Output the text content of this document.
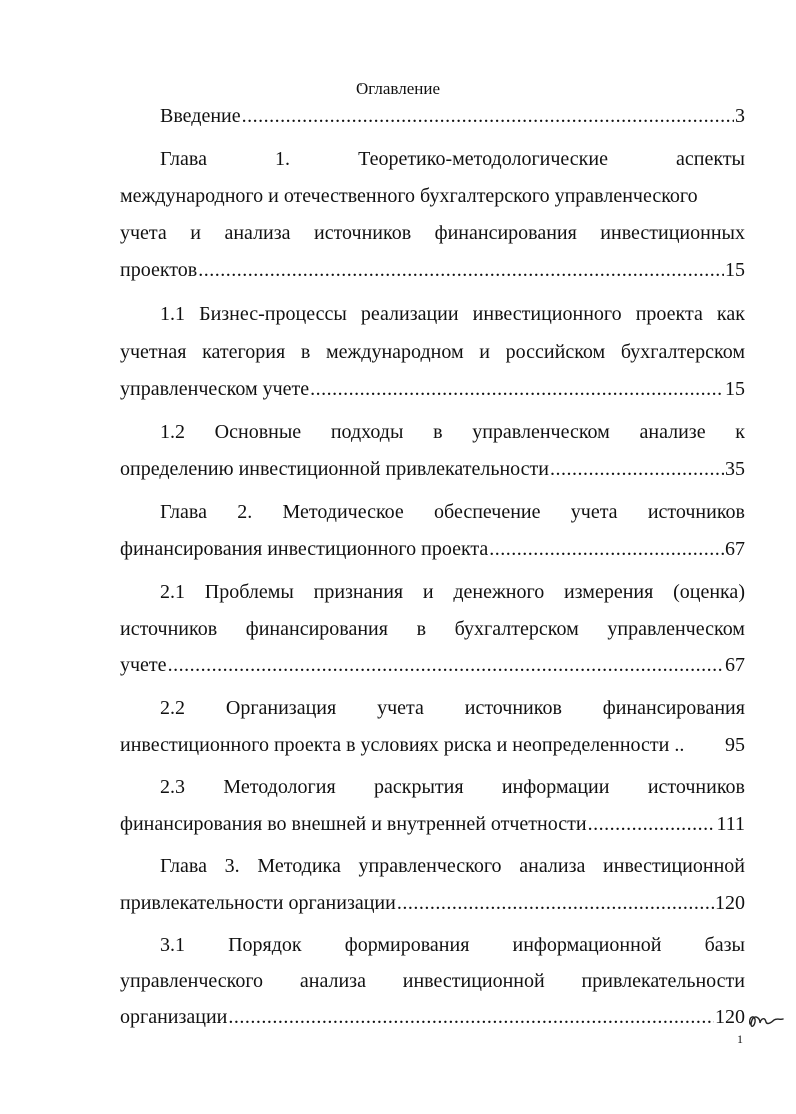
Оглавление
Введение .....	3
Глава	1.	Теоретико-методологические	аспекты
международного и отечественного бухгалтерского управленческого
учета и анализа источников финансирования инвестиционных
проектов .....	15
1.1 Бизнес-процессы реализации инвестиционного проекта как
учетная категория в международном и российском бухгалтерском
управленческом учете .....	15
1.2 Основные подходы в управленческом анализе к
определению инвестиционной привлекательности .....	35
Глава 2. Методическое обеспечение учета источников
финансирования инвестиционного проекта .....	67
2.1 Проблемы признания и денежного измерения (оценка)
источников финансирования в бухгалтерском управленческом
учете .....	67
2.2 Организация учета источников финансирования
инвестиционного проекта в условиях риска и неопределенности .. 95
2.3 Методология раскрытия информации источников
финансирования во внешней и внутренней отчетности .....	111
Глава 3. Методика управленческого анализа инвестиционной
привлекательности организации .....	120
3.1 Порядок формирования информационной базы
управленческого анализа инвестиционной привлекательности
организации .....	120
1
